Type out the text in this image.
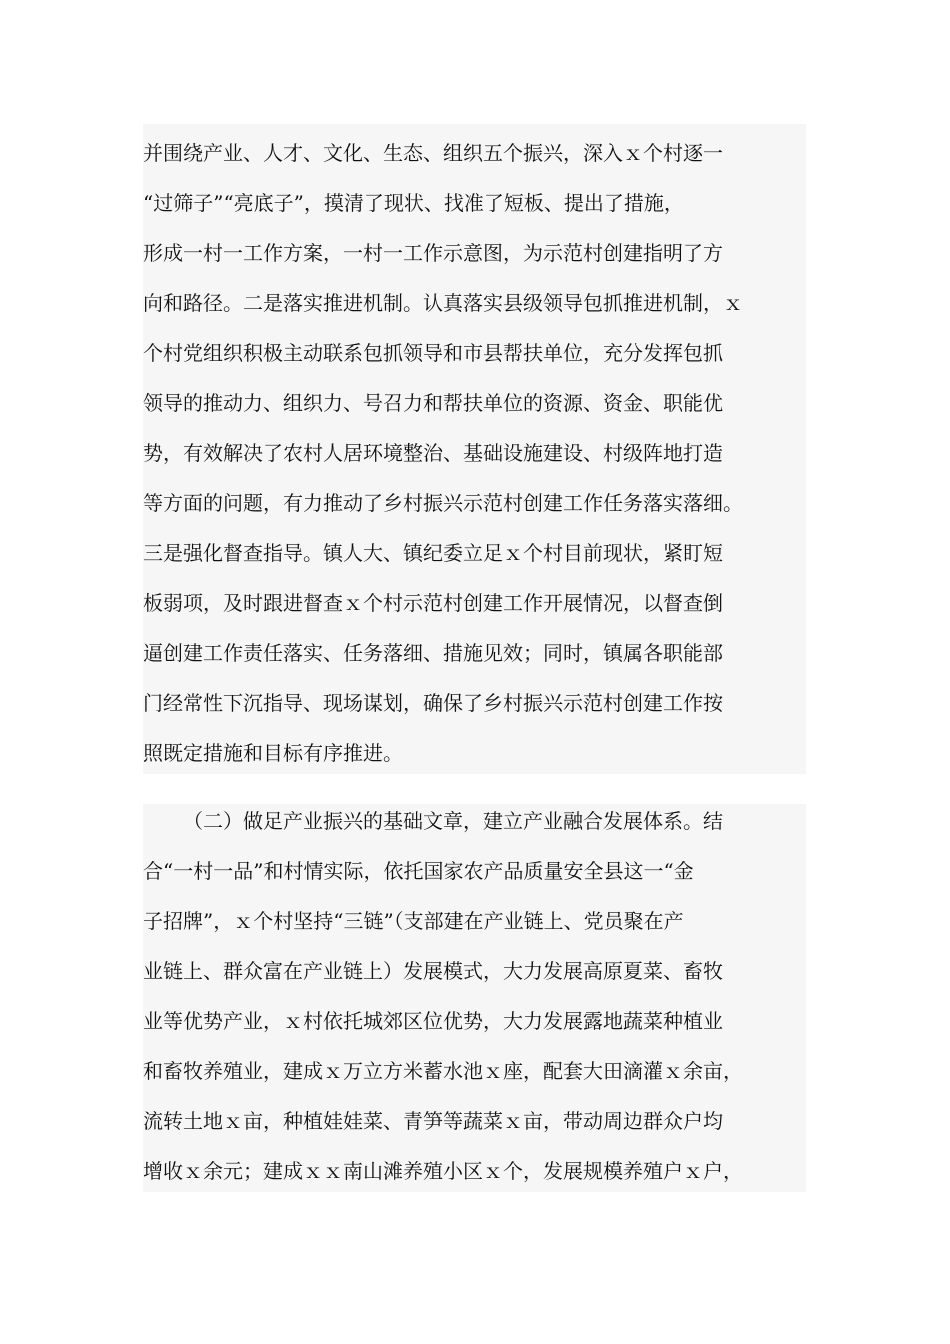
并围绕产业、人才、文化、生态、组织五个振兴，深入ｘ个村逐一
“过筛子”“亮底子”，摸清了现状、找准了短板、提出了措施，
形成一村一工作方案，一村一工作示意图，为示范村创建指明了方
向和路径。二是落实推进机制。认真落实县级领导包抓推进机制，ｘ
个村党组织积极主动联系包抓领导和市县帮扶单位，充分发挥包抓
领导的推动力、组织力、号召力和帮扶单位的资源、资金、职能优
势，有效解决了农村人居环境整治、基础设施建设、村级阵地打造
等方面的问题，有力推动了乡村振兴示范村创建工作任务落实落细。
三是强化督查指导。镇人大、镇纪委立足ｘ个村目前现状，紧盯短
板弱项，及时跟进督查ｘ个村示范村创建工作开展情况，以督查倒
逼创建工作责任落实、任务落细、措施见效；同时，镇属各职能部
门经常性下沉指导、现场谋划，确保了乡村振兴示范村创建工作按
照既定措施和目标有序推进。
（二）做足产业振兴的基础文章，建立产业融合发展体系。结
合“一村一品”和村情实际，依托国家农产品质量安全县这一“金
子招牌”，ｘ个村坚持“三链”（支部建在产业链上、党员聚在产
业链上、群众富在产业链上）发展模式，大力发展高原夏菜、畜牧
业等优势产业，ｘ村依托城郊区位优势，大力发展露地蔬菜种植业
和畜牧养殖业，建成ｘ万立方米蓄水池ｘ座，配套大田滴灌ｘ余亩，
流转土地ｘ亩，种植娃娃菜、青笋等蔬菜ｘ亩，带动周边群众户均
增收ｘ余元；建成ｘｘ南山滩养殖小区ｘ个，发展规模养殖户ｘ户，
